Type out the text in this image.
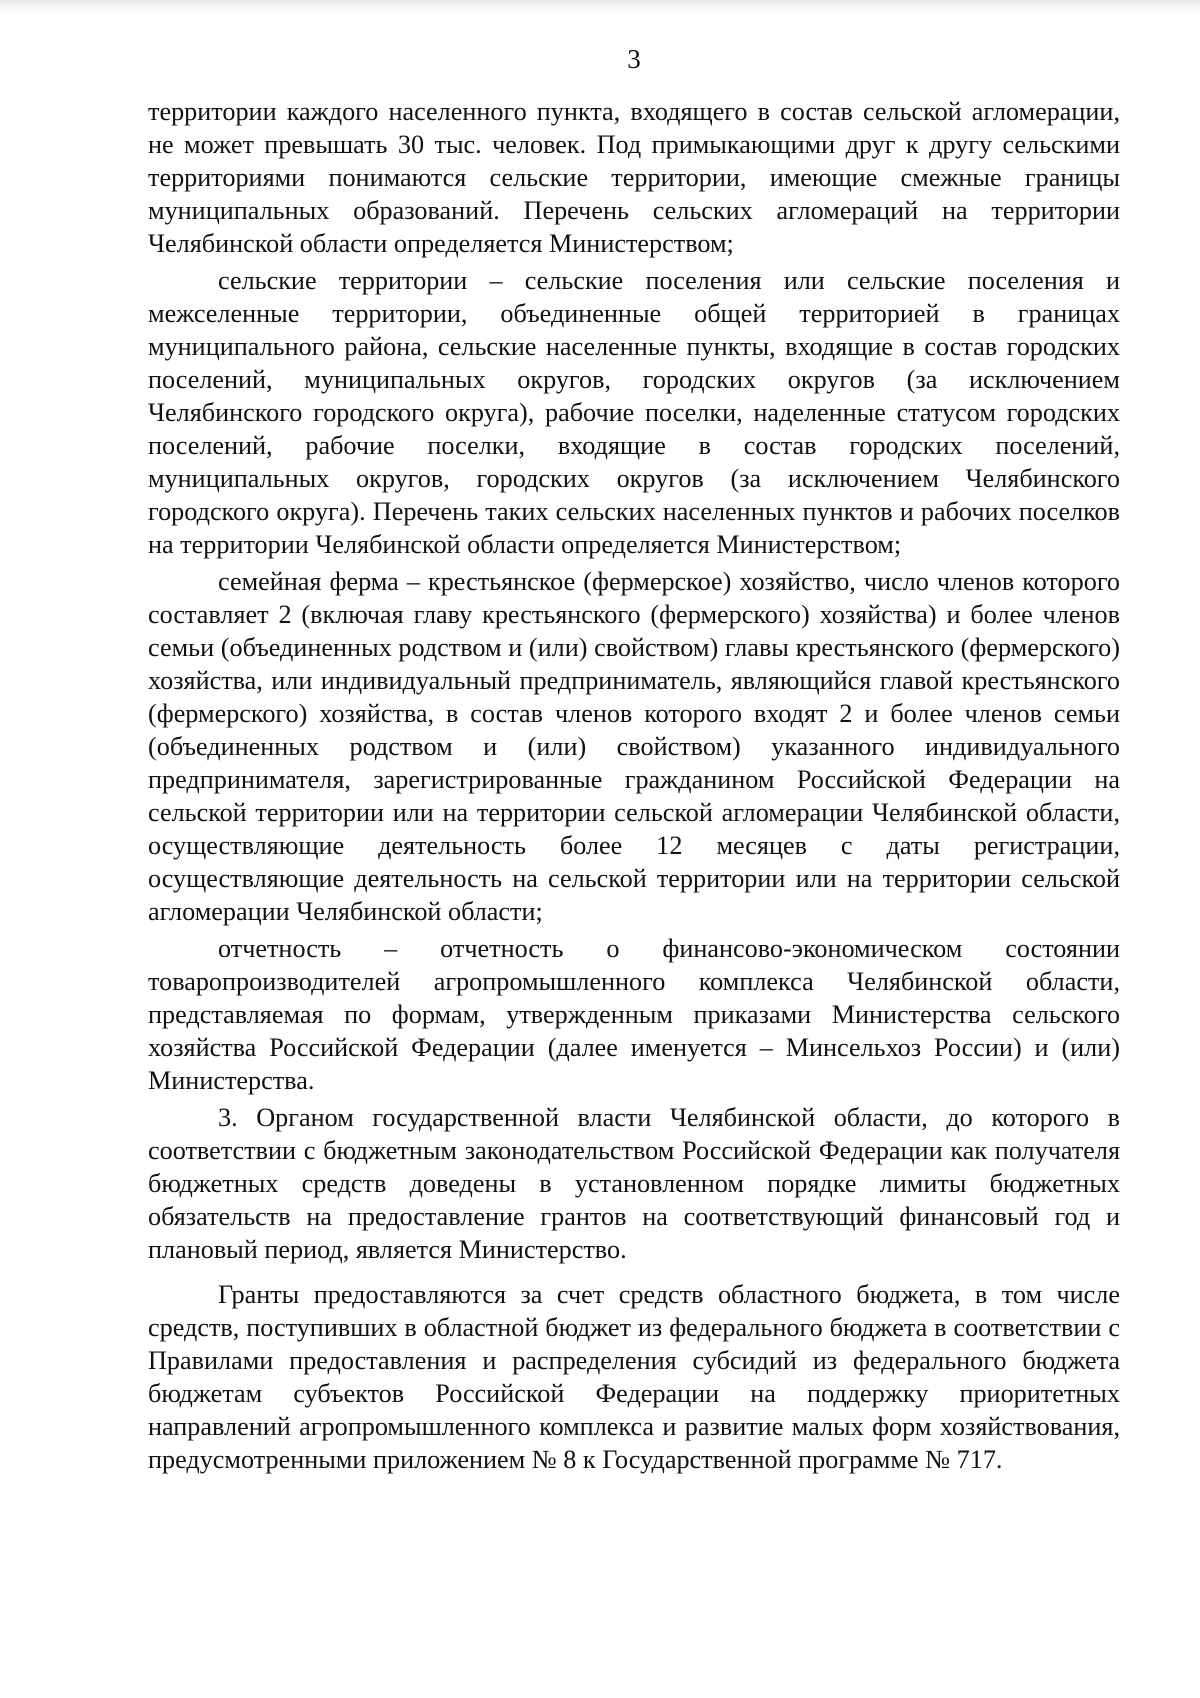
3

территории каждого населенного пункта, входящего в состав сельской агломерации, не может превышать 30 тыс. человек. Под примыкающими друг к другу сельскими территориями понимаются сельские территории, имеющие смежные границы муниципальных образований. Перечень сельских агломераций на территории Челябинской области определяется Министерством;

сельские территории – сельские поселения или сельские поселения и межселенные территории, объединенные общей территорией в границах муниципального района, сельские населенные пункты, входящие в состав городских поселений, муниципальных округов, городских округов (за исключением Челябинского городского округа), рабочие поселки, наделенные статусом городских поселений, рабочие поселки, входящие в состав городских поселений, муниципальных округов, городских округов (за исключением Челябинского городского округа). Перечень таких сельских населенных пунктов и рабочих поселков на территории Челябинской области определяется Министерством;

семейная ферма – крестьянское (фермерское) хозяйство, число членов которого составляет 2 (включая главу крестьянского (фермерского) хозяйства) и более членов семьи (объединенных родством и (или) свойством) главы крестьянского (фермерского) хозяйства, или индивидуальный предприниматель, являющийся главой крестьянского (фермерского) хозяйства, в состав членов которого входят 2 и более членов семьи (объединенных родством и (или) свойством) указанного индивидуального предпринимателя, зарегистрированные гражданином Российской Федерации на сельской территории или на территории сельской агломерации Челябинской области, осуществляющие деятельность более 12 месяцев с даты регистрации, осуществляющие деятельность на сельской территории или на территории сельской агломерации Челябинской области;

отчетность – отчетность о финансово-экономическом состоянии товаропроизводителей агропромышленного комплекса Челябинской области, представляемая по формам, утвержденным приказами Министерства сельского хозяйства Российской Федерации (далее именуется – Минсельхоз России) и (или) Министерства.

3. Органом государственной власти Челябинской области, до которого в соответствии с бюджетным законодательством Российской Федерации как получателя бюджетных средств доведены в установленном порядке лимиты бюджетных обязательств на предоставление грантов на соответствующий финансовый год и плановый период, является Министерство.

Гранты предоставляются за счет средств областного бюджета, в том числе средств, поступивших в областной бюджет из федерального бюджета в соответствии с Правилами предоставления и распределения субсидий из федерального бюджета бюджетам субъектов Российской Федерации на поддержку приоритетных направлений агропромышленного комплекса и развитие малых форм хозяйствования, предусмотренными приложением № 8 к Государственной программе № 717.
